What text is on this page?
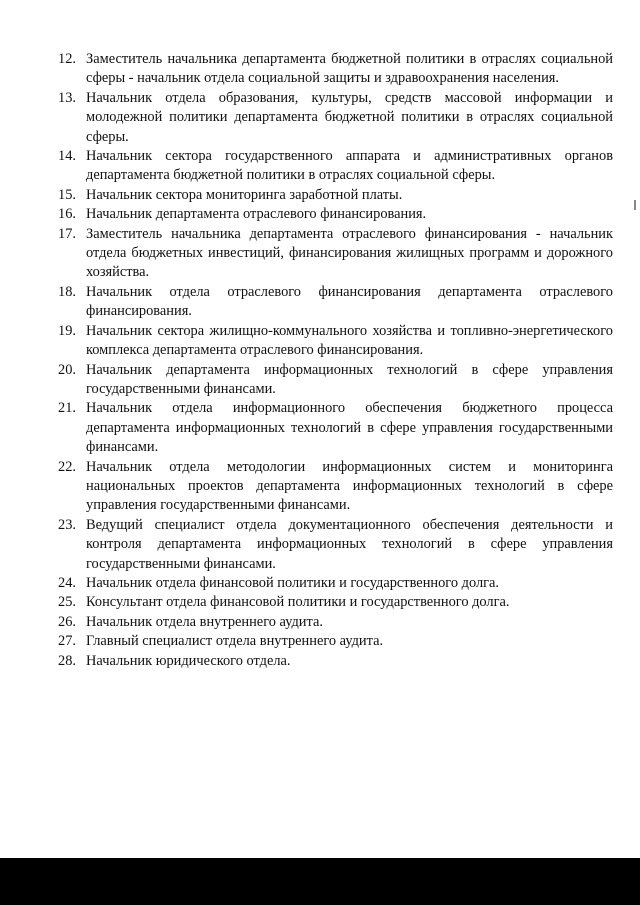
12. Заместитель начальника департамента бюджетной политики в отраслях социальной сферы - начальник отдела социальной защиты и здравоохранения населения.
13. Начальник отдела образования, культуры, средств массовой информации и молодежной политики департамента бюджетной политики в отраслях социальной сферы.
14. Начальник сектора государственного аппарата и административных органов департамента бюджетной политики в отраслях социальной сферы.
15. Начальник сектора мониторинга заработной платы.
16. Начальник департамента отраслевого финансирования.
17. Заместитель начальника департамента отраслевого финансирования - начальник отдела бюджетных инвестиций, финансирования жилищных программ и дорожного хозяйства.
18. Начальник отдела отраслевого финансирования департамента отраслевого финансирования.
19. Начальник сектора жилищно-коммунального хозяйства и топливно-энергетического комплекса департамента отраслевого финансирования.
20. Начальник департамента информационных технологий в сфере управления государственными финансами.
21. Начальник отдела информационного обеспечения бюджетного процесса департамента информационных технологий в сфере управления государственными финансами.
22. Начальник отдела методологии информационных систем и мониторинга национальных проектов департамента информационных технологий в сфере управления государственными финансами.
23. Ведущий специалист отдела документационного обеспечения деятельности и контроля департамента информационных технологий в сфере управления государственными финансами.
24. Начальник отдела финансовой политики и государственного долга.
25. Консультант отдела финансовой политики и государственного долга.
26. Начальник отдела внутреннего аудита.
27. Главный специалист отдела внутреннего аудита.
28. Начальник юридического отдела.
